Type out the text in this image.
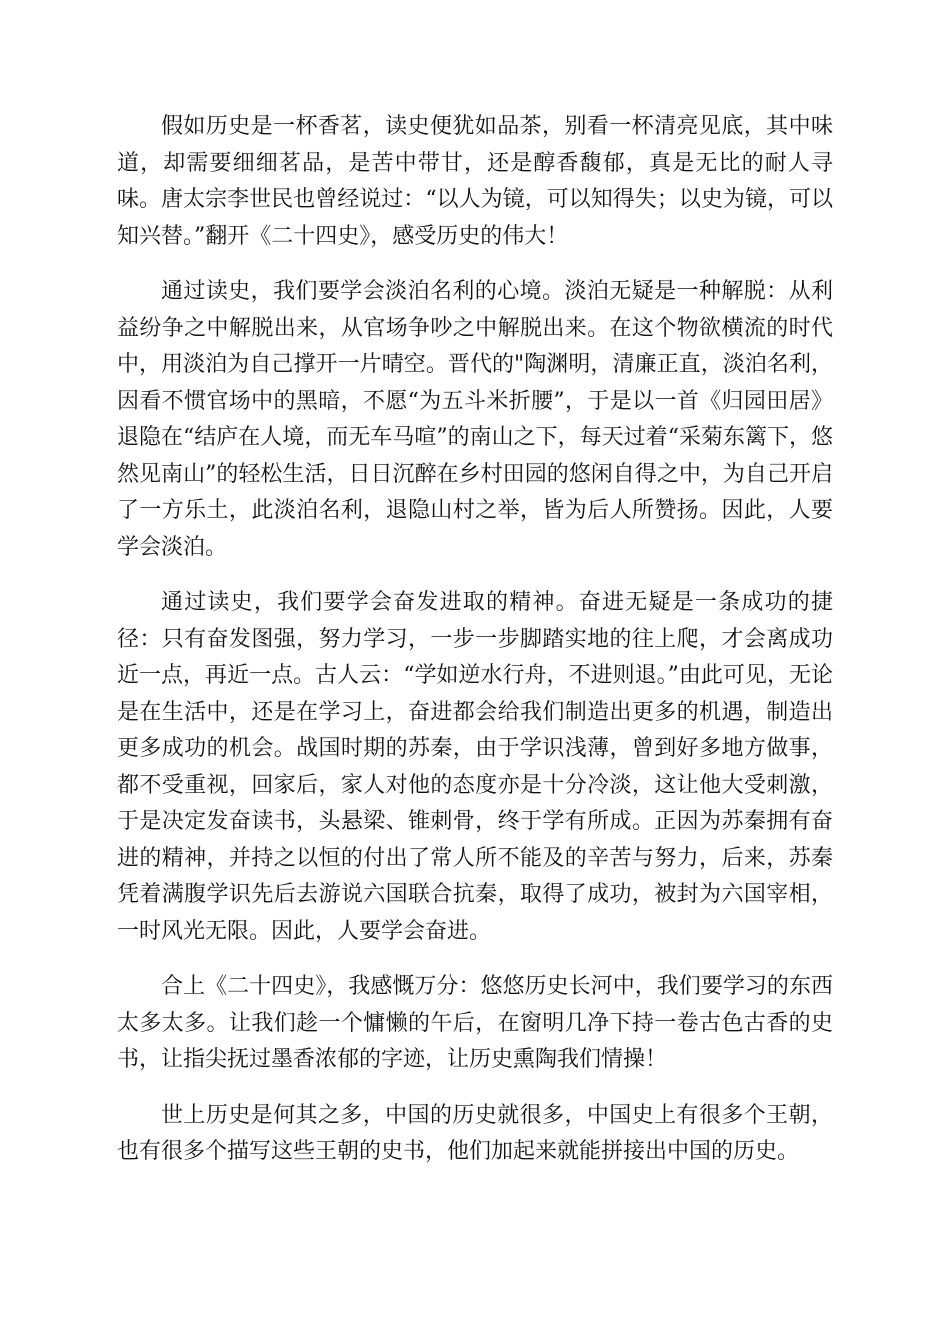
假如历史是一杯香茗，读史便犹如品茶，别看一杯清亮见底，其中味道，却需要细细茗品，是苦中带甘，还是醇香馥郁，真是无比的耐人寻味。唐太宗李世民也曾经说过：“以人为镜，可以知得失；以史为镜，可以知兴替。”翻开《二十四史》，感受历史的伟大！

通过读史，我们要学会淡泊名利的心境。淡泊无疑是一种解脱：从利益纷争之中解脱出来，从官场争吵之中解脱出来。在这个物欲横流的时代中，用淡泊为自己撑开一片晴空。晋代的"陶渊明，清廉正直，淡泊名利，因看不惯官场中的黑暗，不愿“为五斗米折腰”，于是以一首《归园田居》退隐在“结庐在人境，而无车马喧”的南山之下，每天过着“采菊东篱下，悠然见南山”的轻松生活，日日沉醉在乡村田园的悠闲自得之中，为自己开启了一方乐土，此淡泊名利，退隐山村之举，皆为后人所赞扬。因此，人要学会淡泊。

通过读史，我们要学会奋发进取的精神。奋进无疑是一条成功的捷径：只有奋发图强，努力学习，一步一步脚踏实地的往上爬，才会离成功近一点，再近一点。古人云：“学如逆水行舟，不进则退。”由此可见，无论是在生活中，还是在学习上，奋进都会给我们制造出更多的机遇，制造出更多成功的机会。战国时期的苏秦，由于学识浅薄，曾到好多地方做事，都不受重视，回家后，家人对他的态度亦是十分冷淡，这让他大受刺激，于是决定发奋读书，头悬梁、锥刺骨，终于学有所成。正因为苏秦拥有奋进的精神，并持之以恒的付出了常人所不能及的辛苦与努力，后来，苏秦凭着满腹学识先后去游说六国联合抗秦，取得了成功，被封为六国宰相，一时风光无限。因此，人要学会奋进。

合上《二十四史》，我感慨万分：悠悠历史长河中，我们要学习的东西太多太多。让我们趁一个慵懒的午后，在窗明几净下持一卷古色古香的史书，让指尖抚过墨香浓郁的字迹，让历史熏陶我们情操！

世上历史是何其之多，中国的历史就很多，中国史上有很多个王朝，也有很多个描写这些王朝的史书，他们加起来就能拼接出中国的历史。
